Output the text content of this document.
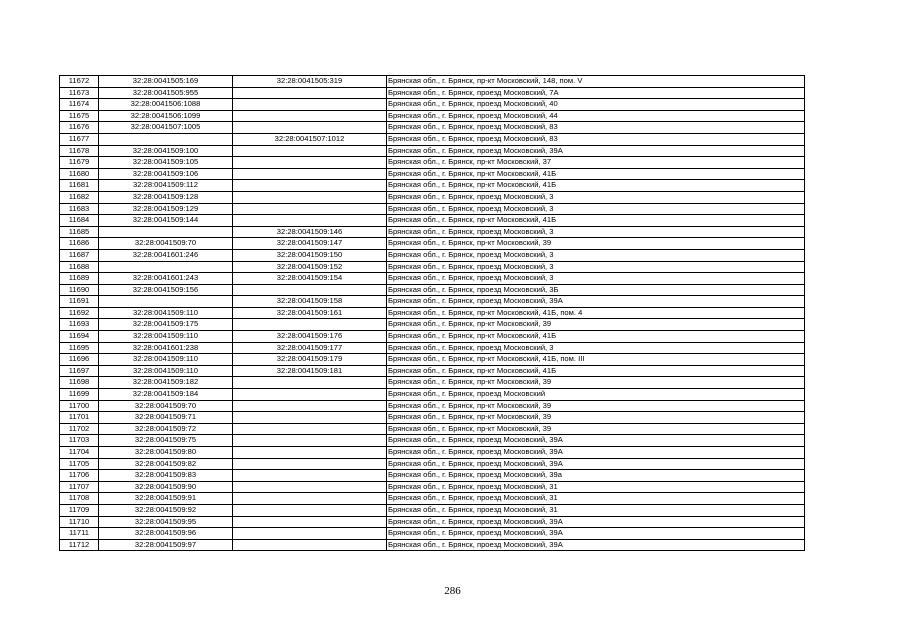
11672	32:28:0041505:169	32:28:0041505:319	Брянская обл., г. Брянск, пр-кт Московский, 148, пом. V
11673	32:28:0041505:955		Брянская обл., г. Брянск, проезд Московский, 7А
11674	32:28:0041506:1088		Брянская обл., г. Брянск, проезд Московский, 40
11675	32:28:0041506:1099		Брянская обл., г. Брянск, проезд Московский, 44
11676	32:28:0041507:1005		Брянская обл., г. Брянск, проезд Московский, 83
11677		32:28:0041507:1012	Брянская обл., г. Брянск, проезд Московский, 83
11678	32:28:0041509:100		Брянская обл., г. Брянск, проезд Московский, 39А
11679	32:28:0041509:105		Брянская обл., г. Брянск, пр-кт Московский, 37
11680	32:28:0041509:106		Брянская обл., г. Брянск, пр-кт Московский, 41Б
11681	32:28:0041509:112		Брянская обл., г. Брянск, пр-кт Московский, 41Б
11682	32:28:0041509:128		Брянская обл., г. Брянск, проезд Московский, 3
11683	32:28:0041509:129		Брянская обл., г. Брянск, проезд Московский, 3
11684	32:28:0041509:144		Брянская обл., г. Брянск, пр-кт Московский, 41Б
11685		32:28:0041509:146	Брянская обл., г. Брянск, проезд Московский, 3
11686	32:28:0041509:70	32:28:0041509:147	Брянская обл., г. Брянск, пр-кт Московский, 39
11687	32:28:0041601:246	32:28:0041509:150	Брянская обл., г. Брянск, проезд Московский, 3
11688		32:28:0041509:152	Брянская обл., г. Брянск, проезд Московский, 3
11689	32:28:0041601:243	32:28:0041509:154	Брянская обл., г. Брянск, проезд Московский, 3
11690	32:28:0041509:156		Брянская обл., г. Брянск, проезд Московский, 3Б
11691		32:28:0041509:158	Брянская обл., г. Брянск, проезд Московский, 39А
11692	32:28:0041509:110	32:28:0041509:161	Брянская обл., г. Брянск, пр-кт Московский, 41Б, пом. 4
11693	32:28:0041509:175		Брянская обл., г. Брянск, пр-кт Московский, 39
11694	32:28:0041509:110	32:28:0041509:176	Брянская обл., г. Брянск, пр-кт Московский, 41Б
11695	32:28:0041601:238	32:28:0041509:177	Брянская обл., г. Брянск, проезд Московский, 3
11696	32:28:0041509:110	32:28:0041509:179	Брянская обл., г. Брянск, пр-кт Московский, 41Б, пом. III
11697	32:28:0041509:110	32:28:0041509:181	Брянская обл., г. Брянск, пр-кт Московский, 41Б
11698	32:28:0041509:182		Брянская обл., г. Брянск, пр-кт Московский, 39
11699	32:28:0041509:184		Брянская обл., г. Брянск, проезд Московский
11700	32:28:0041509:70		Брянская обл., г. Брянск, пр-кт Московский, 39
11701	32:28:0041509:71		Брянская обл., г. Брянск, пр-кт Московский, 39
11702	32:28:0041509:72		Брянская обл., г. Брянск, пр-кт Московский, 39
11703	32:28:0041509:75		Брянская обл., г. Брянск, проезд Московский, 39А
11704	32:28:0041509:80		Брянская обл., г. Брянск, проезд Московский, 39А
11705	32:28:0041509:82		Брянская обл., г. Брянск, проезд Московский, 39А
11706	32:28:0041509:83		Брянская обл., г. Брянск, проезд Московский, 39а
11707	32:28:0041509:90		Брянская обл., г. Брянск, проезд Московский, 31
11708	32:28:0041509:91		Брянская обл., г. Брянск, проезд Московский, 31
11709	32:28:0041509:92		Брянская обл., г. Брянск, проезд Московский, 31
11710	32:28:0041509:95		Брянская обл., г. Брянск, проезд Московский, 39А
11711	32:28:0041509:96		Брянская обл., г. Брянск, проезд Московский, 39А
11712	32:28:0041509:97		Брянская обл., г. Брянск, проезд Московский, 39А
286
